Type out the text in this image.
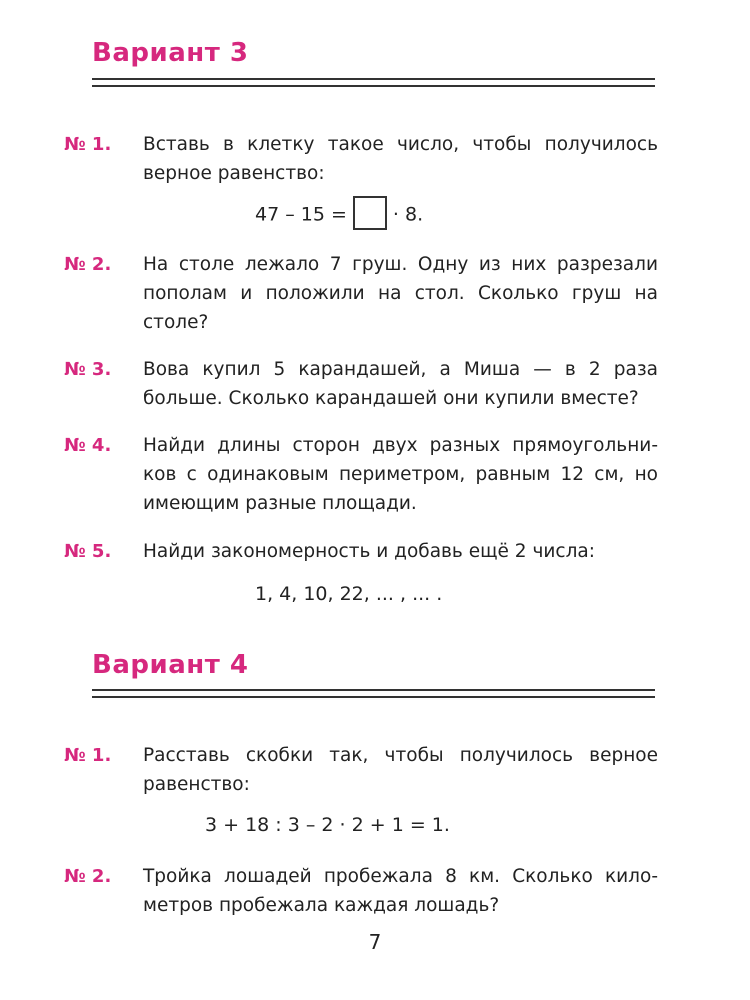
Вариант 3

№ 1. Вставь в клетку такое число, чтобы получилось верное равенство:

47 – 15 = · 8.

№ 2. На столе лежало 7 груш. Одну из них разрезали пополам и положили на стол. Сколько груш на столе?

№ 3. Вова купил 5 карандашей, а Миша — в 2 раза больше. Сколько карандашей они купили вместе?

№ 4. Найди длины сторон двух разных прямоугольни-ков с одинаковым периметром, равным 12 см, но имеющим разные площади.

№ 5. Найди закономерность и добавь ещё 2 числа:

1, 4, 10, 22, ... , ... .

Вариант 4

№ 1. Расставь скобки так, чтобы получилось верное равенство:

3 + 18 : 3 – 2 · 2 + 1 = 1.

№ 2. Тройка лошадей пробежала 8 км. Сколько кило-метров пробежала каждая лошадь?

7
